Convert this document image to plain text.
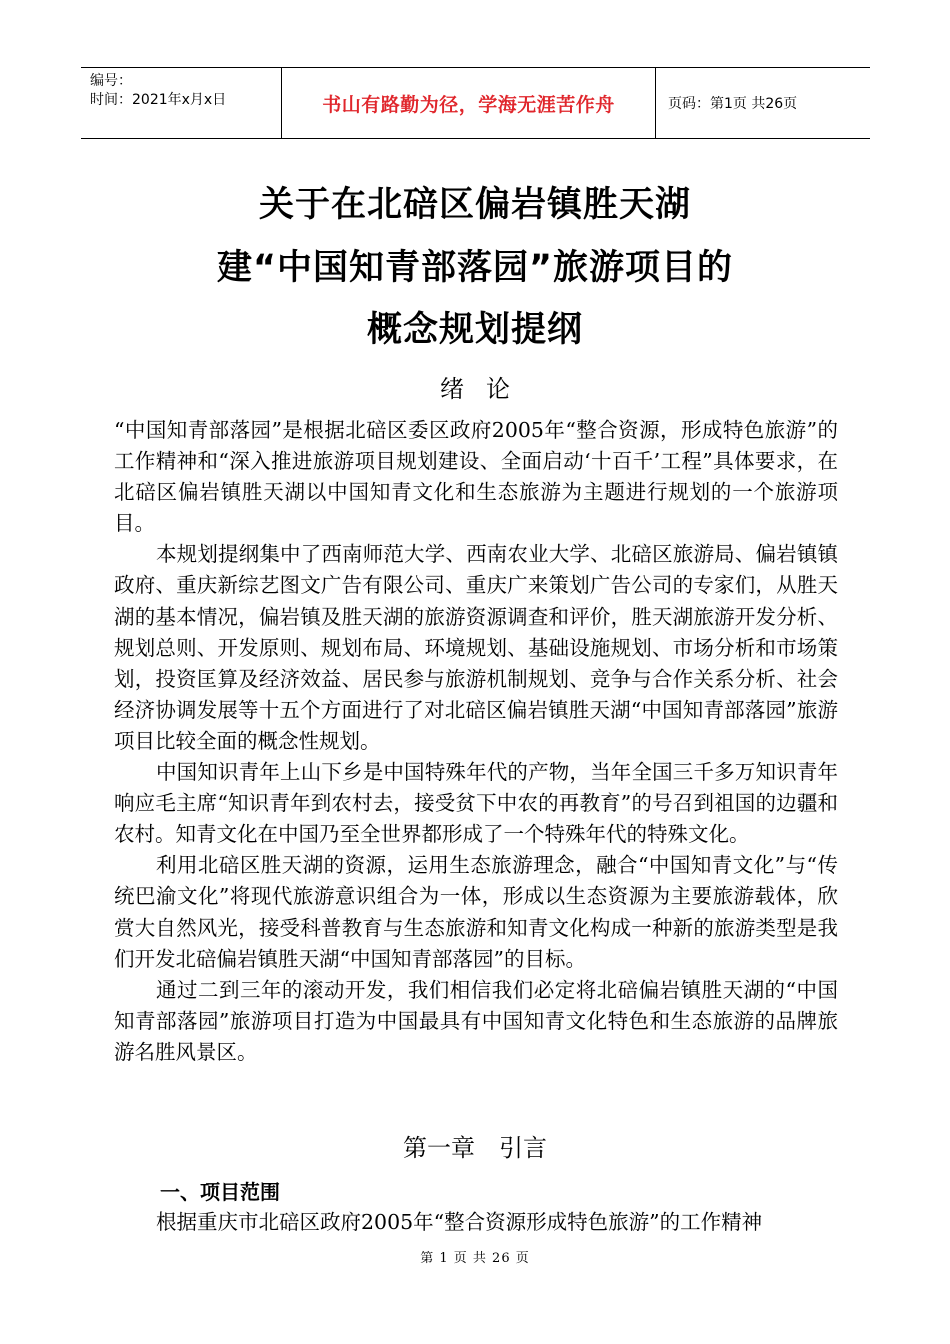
编号：
时间：2021年x月x日	书山有路勤为径，学海无涯苦作舟	页码：第1页 共26页
关于在北碚区偏岩镇胜天湖
建“中国知青部落园”旅游项目的
概念规划提纲
绪论

“中国知青部落园”是根据北碚区委区政府2005年“整合资源，形成特色旅游”的工作精神和“深入推进旅游项目规划建设、全面启动‘十百千’工程”具体要求，在北碚区偏岩镇胜天湖以中国知青文化和生态旅游为主题进行规划的一个旅游项目。

本规划提纲集中了西南师范大学、西南农业大学、北碚区旅游局、偏岩镇镇政府、重庆新综艺图文广告有限公司、重庆广来策划广告公司的专家们，从胜天湖的基本情况，偏岩镇及胜天湖的旅游资源调查和评价，胜天湖旅游开发分析、规划总则、开发原则、规划布局、环境规划、基础设施规划、市场分析和市场策划，投资匡算及经济效益、居民参与旅游机制规划、竞争与合作关系分析、社会经济协调发展等十五个方面进行了对北碚区偏岩镇胜天湖“中国知青部落园”旅游项目比较全面的概念性规划。

中国知识青年上山下乡是中国特殊年代的产物，当年全国三千多万知识青年响应毛主席“知识青年到农村去，接受贫下中农的再教育”的号召到祖国的边疆和农村。知青文化在中国乃至全世界都形成了一个特殊年代的特殊文化。

利用北碚区胜天湖的资源，运用生态旅游理念，融合“中国知青文化”与“传统巴渝文化”将现代旅游意识组合为一体，形成以生态资源为主要旅游载体，欣赏大自然风光，接受科普教育与生态旅游和知青文化构成一种新的旅游类型是我们开发北碚偏岩镇胜天湖“中国知青部落园”的目标。

通过二到三年的滚动开发，我们相信我们必定将北碚偏岩镇胜天湖的“中国知青部落园”旅游项目打造为中国最具有中国知青文化特色和生态旅游的品牌旅游名胜风景区。

第一章 引言
一、项目范围
根据重庆市北碚区政府2005年“整合资源形成特色旅游”的工作精神
第 1 页 共 26 页
